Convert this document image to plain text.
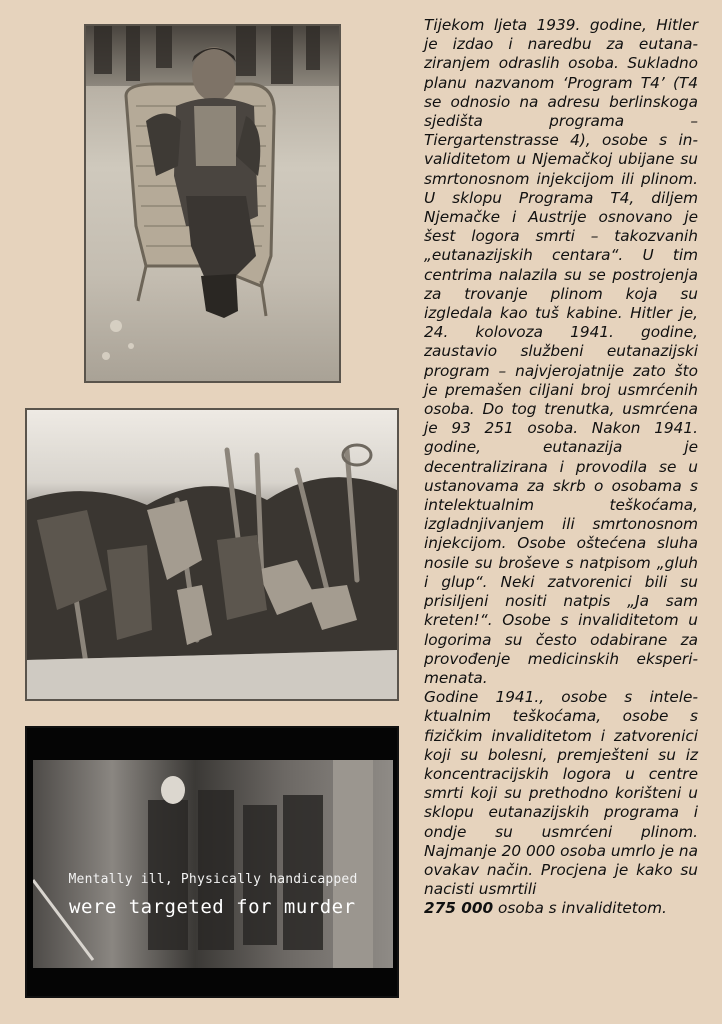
Mentally ill, Physically handicapped
were targeted for murder

Tijekom ljeta 1939. godine, Hitler je izdao i naredbu za eutanaziranjem odraslih osoba. Sukladno planu nazvanom ‘Program T4’ (T4 se odnosio na adresu berlinskoga sjedišta programa – Tiergartenstrasse 4), osobe s invaliditetom u Njemačkoj ubijane su smrtonosnom injekcijom ili plinom. U sklopu Programa T4, diljem Njemačke i Austrije osnovano je šest logora smrti – takozvanih „eutanazijskih centara“. U tim centrima nalazila su se postrojenja za trovanje plinom koja su izgledala kao tuš kabine. Hitler je, 24. kolovoza 1941. godine, zaustavio službeni eutanazijski program – najvjerojatnije zato što je premašen ciljani broj usmrćenih osoba. Do tog trenutka, usmrćena je 93 251 osoba. Nakon 1941. godine, eutanazija je decentralizirana i provodila se u ustanovama za skrb o osobama s intelektualnim teškoćama, izgladnjivanjem ili smrtonosnom injekcijom. Osobe oštećena sluha nosile su broševe s natpisom „gluh i glup“. Neki zatvorenici bili su prisiljeni nositi natpis „Ja sam kreten!“. Osobe s invaliditetom u logorima su često odabirane za provođenje medicinskih eksperimenata.

Godine 1941., osobe s intelektualnim teškoćama, osobe s fizičkim invaliditetom i zatvorenici koji su bolesni, premješteni su iz koncentracijskih logora u centre smrti koji su prethodno korišteni u sklopu eutanazijskih programa i ondje su usmrćeni plinom. Najmanje 20 000 osoba umrlo je na ovakav način. Procjena je kako su nacisti usmrtili
275 000 osoba s invaliditetom.
